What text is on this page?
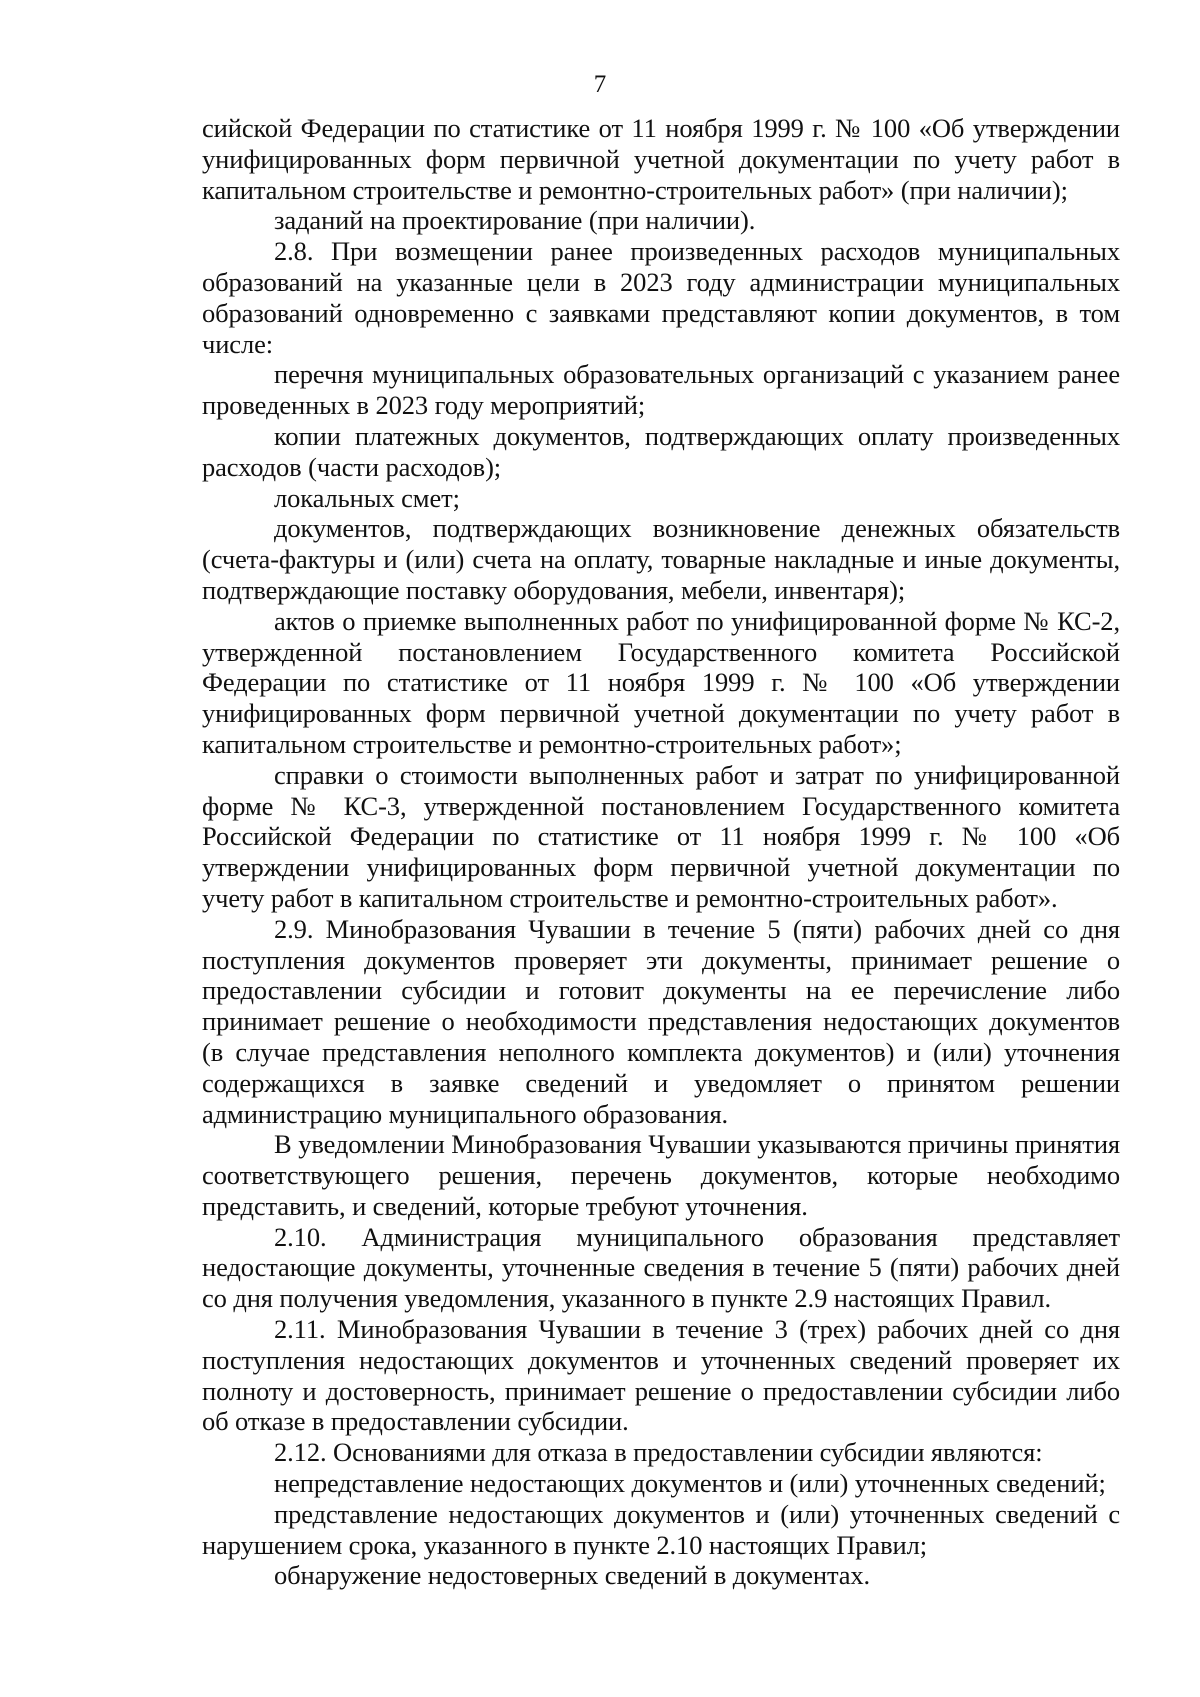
7

сийской Федерации по статистике от 11 ноября 1999 г. № 100 «Об утверждении унифицированных форм первичной учетной документации по учету работ в капитальном строительстве и ремонтно-строительных работ» (при наличии);

заданий на проектирование (при наличии).

2.8. При возмещении ранее произведенных расходов муниципальных образований на указанные цели в 2023 году администрации муниципальных образований одновременно с заявками представляют копии документов, в том числе:

перечня муниципальных образовательных организаций с указанием ранее проведенных в 2023 году мероприятий;

копии платежных документов, подтверждающих оплату произведенных расходов (части расходов);

локальных смет;

документов, подтверждающих возникновение денежных обязательств (счета-фактуры и (или) счета на оплату, товарные накладные и иные документы, подтверждающие поставку оборудования, мебели, инвентаря);

актов о приемке выполненных работ по унифицированной форме № КС-2, утвержденной постановлением Государственного комитета Российской Федерации по статистике от 11 ноября 1999 г. № 100 «Об утверждении унифицированных форм первичной учетной документации по учету работ в капитальном строительстве и ремонтно-строительных работ»;

справки о стоимости выполненных работ и затрат по унифицированной форме № КС-3, утвержденной постановлением Государственного комитета Российской Федерации по статистике от 11 ноября 1999 г. № 100 «Об утверждении унифицированных форм первичной учетной документации по учету работ в капитальном строительстве и ремонтно-строительных работ».

2.9. Минобразования Чувашии в течение 5 (пяти) рабочих дней со дня поступления документов проверяет эти документы, принимает решение о предоставлении субсидии и готовит документы на ее перечисление либо принимает решение о необходимости представления недостающих документов (в случае представления неполного комплекта документов) и (или) уточнения содержащихся в заявке сведений и уведомляет о принятом решении администрацию муниципального образования.

В уведомлении Минобразования Чувашии указываются причины принятия соответствующего решения, перечень документов, которые необходимо представить, и сведений, которые требуют уточнения.

2.10. Администрация муниципального образования представляет недостающие документы, уточненные сведения в течение 5 (пяти) рабочих дней со дня получения уведомления, указанного в пункте 2.9 настоящих Правил.

2.11. Минобразования Чувашии в течение 3 (трех) рабочих дней со дня поступления недостающих документов и уточненных сведений проверяет их полноту и достоверность, принимает решение о предоставлении субсидии либо об отказе в предоставлении субсидии.

2.12. Основаниями для отказа в предоставлении субсидии являются:

непредставление недостающих документов и (или) уточненных сведений;

представление недостающих документов и (или) уточненных сведений с нарушением срока, указанного в пункте 2.10 настоящих Правил;

обнаружение недостоверных сведений в документах.
